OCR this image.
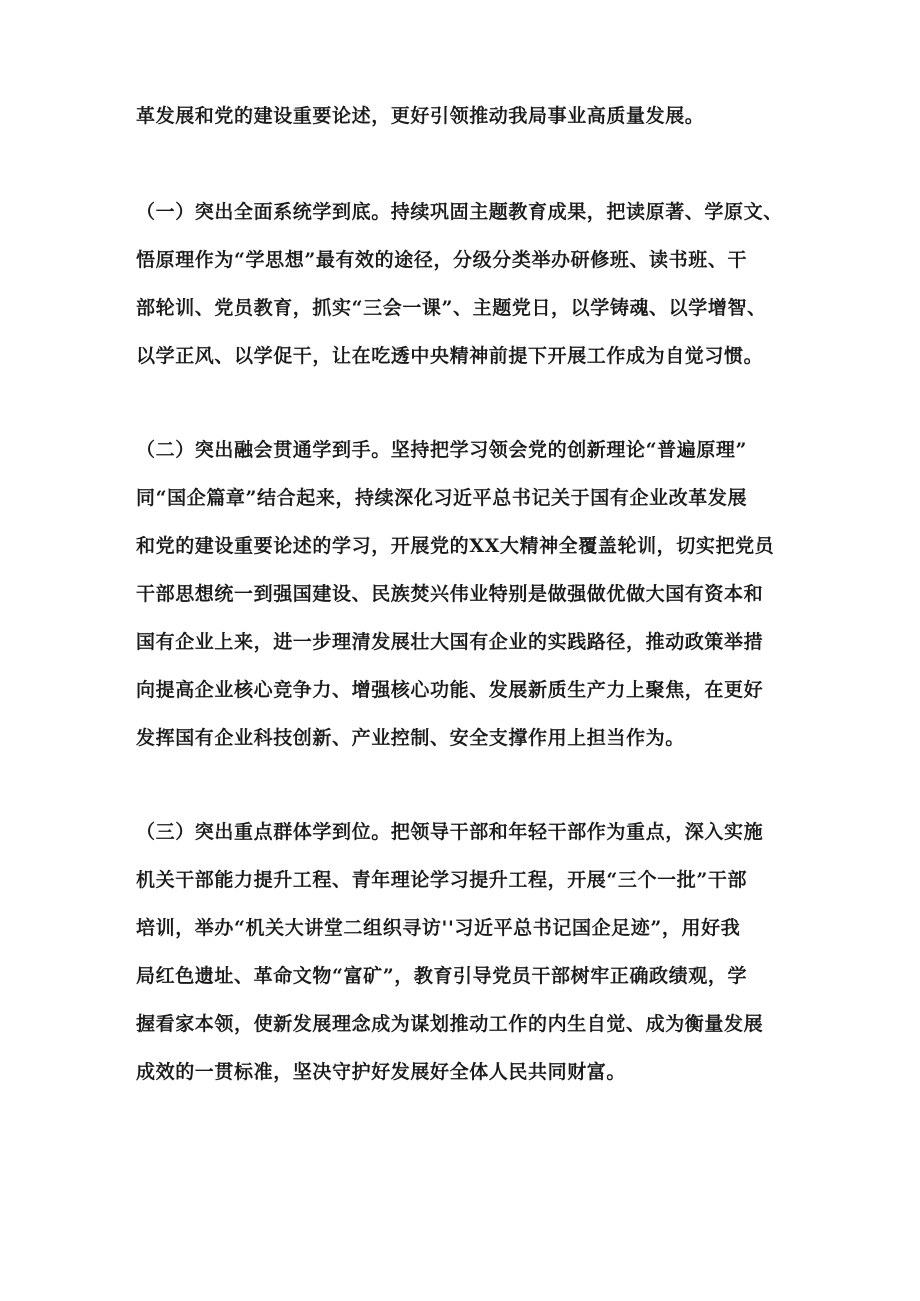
革发展和党的建设重要论述，更好引领推动我局事业高质量发展。
（一）突出全面系统学到底。持续巩固主题教育成果，把读原著、学原文、
悟原理作为“学思想”最有效的途径，分级分类举办研修班、读书班、干
部轮训、党员教育，抓实“三会一课”、主题党日，以学铸魂、以学增智、
以学正风、以学促干，让在吃透中央精神前提下开展工作成为自觉习惯。
（二）突出融会贯通学到手。坚持把学习领会党的创新理论“普遍原理”
同“国企篇章”结合起来，持续深化习近平总书记关于国有企业改革发展
和党的建设重要论述的学习，开展党的XX大精神全覆盖轮训，切实把党员
干部思想统一到强国建设、民族焚兴伟业特别是做强做优做大国有资本和
国有企业上来，进一步理清发展壮大国有企业的实践路径，推动政策举措
向提高企业核心竞争力、增强核心功能、发展新质生产力上聚焦，在更好
发挥国有企业科技创新、产业控制、安全支撑作用上担当作为。
（三）突出重点群体学到位。把领导干部和年轻干部作为重点，深入实施
机关干部能力提升工程、青年理论学习提升工程，开展“三个一批”干部
培训，举办“机关大讲堂二组织寻访''习近平总书记国企足迹”，用好我
局红色遗址、革命文物“富矿”，教育引导党员干部树牢正确政绩观，学
握看家本领，使新发展理念成为谋划推动工作的内生自觉、成为衡量发展
成效的一贯标准，坚决守护好发展好全体人民共同财富。
